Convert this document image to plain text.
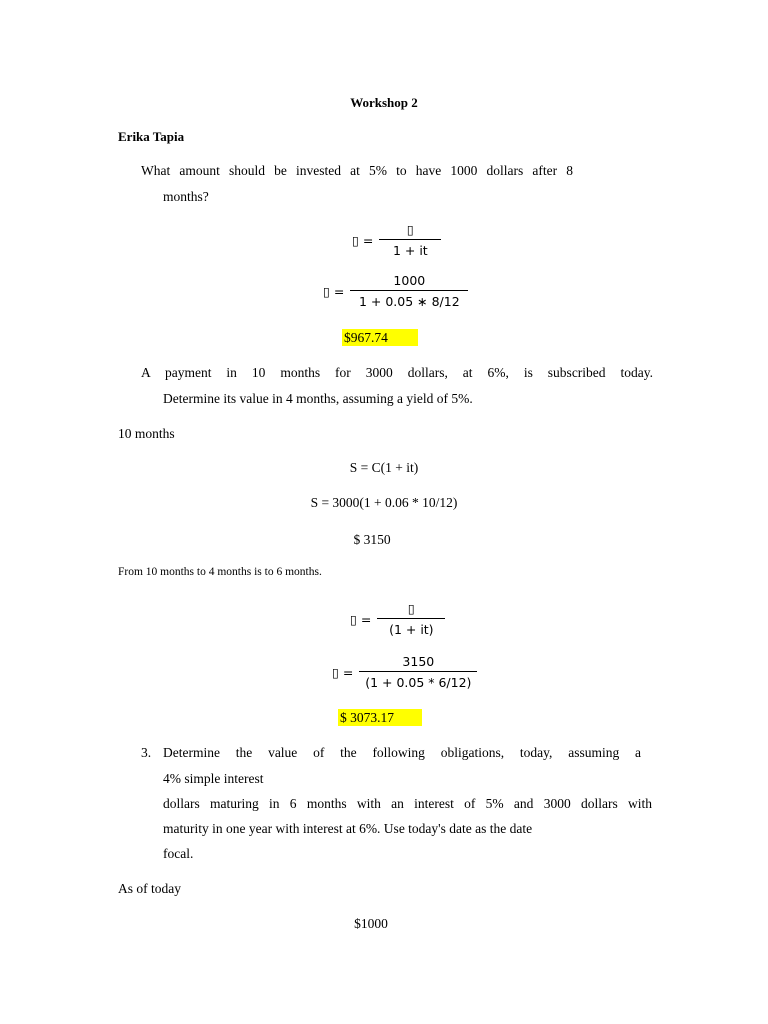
Workshop 2
Erika Tapia
What amount should be invested at 5% to have 1000 dollars after 8
months?
▯ = $\frac{▯}{1 + it}$
▯ = $\frac{1000}{1 + 0.05 ∗ 8/12}$
$967.74
A payment in 10 months for 3000 dollars, at 6%, is subscribed today.
Determine its value in 4 months, assuming a yield of 5%.
10 months
S = C(1 + it)
S = 3000(1 + 0.06 * 10/12)
$ 3150
From 10 months to 4 months is to 6 months.
▯ = $\frac{▯}{(1 + it)}$
▯ = $\frac{3150}{(1 + 0.05 * 6/12)}$
$ 3073.17
3. Determine the value of the following obligations, today, assuming a
4% simple interest
dollars maturing in 6 months with an interest of 5% and 3000 dollars with
maturity in one year with interest at 6%. Use today's date as the date
focal.
As of today
$1000
